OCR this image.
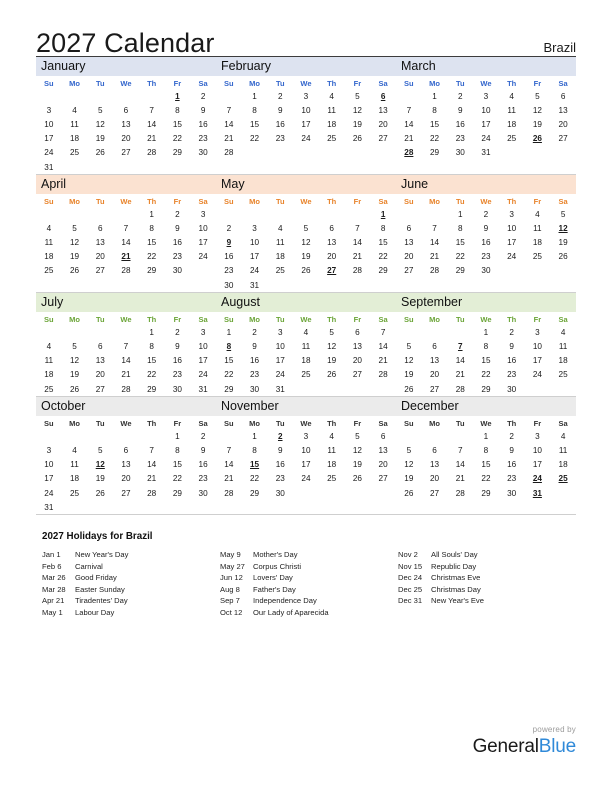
2027 Calendar	Brazil
January
Su	Mo	Tu	We	Th	Fr	Sa
					1	2
3	4	5	6	7	8	9
10	11	12	13	14	15	16
17	18	19	20	21	22	23
24	25	26	27	28	29	30
31						
February
Su	Mo	Tu	We	Th	Fr	Sa
	1	2	3	4	5	6
7	8	9	10	11	12	13
14	15	16	17	18	19	20
21	22	23	24	25	26	27
28						
March
Su	Mo	Tu	We	Th	Fr	Sa
	1	2	3	4	5	6
7	8	9	10	11	12	13
14	15	16	17	18	19	20
21	22	23	24	25	26	27
28	29	30	31			
April
Su	Mo	Tu	We	Th	Fr	Sa
				1	2	3
4	5	6	7	8	9	10
11	12	13	14	15	16	17
18	19	20	21	22	23	24
25	26	27	28	29	30	
May
Su	Mo	Tu	We	Th	Fr	Sa
						1
2	3	4	5	6	7	8
9	10	11	12	13	14	15
16	17	18	19	20	21	22
23	24	25	26	27	28	29
30	31					
June
Su	Mo	Tu	We	Th	Fr	Sa
		1	2	3	4	5
6	7	8	9	10	11	12
13	14	15	16	17	18	19
20	21	22	23	24	25	26
27	28	29	30			
July
Su	Mo	Tu	We	Th	Fr	Sa
				1	2	3
4	5	6	7	8	9	10
11	12	13	14	15	16	17
18	19	20	21	22	23	24
25	26	27	28	29	30	31
August
Su	Mo	Tu	We	Th	Fr	Sa
1	2	3	4	5	6	7
8	9	10	11	12	13	14
15	16	17	18	19	20	21
22	23	24	25	26	27	28
29	30	31				
September
Su	Mo	Tu	We	Th	Fr	Sa
			1	2	3	4
5	6	7	8	9	10	11
12	13	14	15	16	17	18
19	20	21	22	23	24	25
26	27	28	29	30		
October
Su	Mo	Tu	We	Th	Fr	Sa
					1	2
3	4	5	6	7	8	9
10	11	12	13	14	15	16
17	18	19	20	21	22	23
24	25	26	27	28	29	30
31						
November
Su	Mo	Tu	We	Th	Fr	Sa
	1	2	3	4	5	6
7	8	9	10	11	12	13
14	15	16	17	18	19	20
21	22	23	24	25	26	27
28	29	30				
December
Su	Mo	Tu	We	Th	Fr	Sa
			1	2	3	4
5	6	7	8	9	10	11
12	13	14	15	16	17	18
19	20	21	22	23	24	25
26	27	28	29	30	31	
2027 Holidays for Brazil
Jan 1	New Year's Day
Feb 6	Carnival
Mar 26	Good Friday
Mar 28	Easter Sunday
Apr 21	Tiradentes' Day
May 1	Labour Day
May 9	Mother's Day
May 27	Corpus Christi
Jun 12	Lovers' Day
Aug 8	Father's Day
Sep 7	Independence Day
Oct 12	Our Lady of Aparecida
Nov 2	All Souls' Day
Nov 15	Republic Day
Dec 24	Christmas Eve
Dec 25	Christmas Day
Dec 31	New Year's Eve
powered by
GeneralBlue
